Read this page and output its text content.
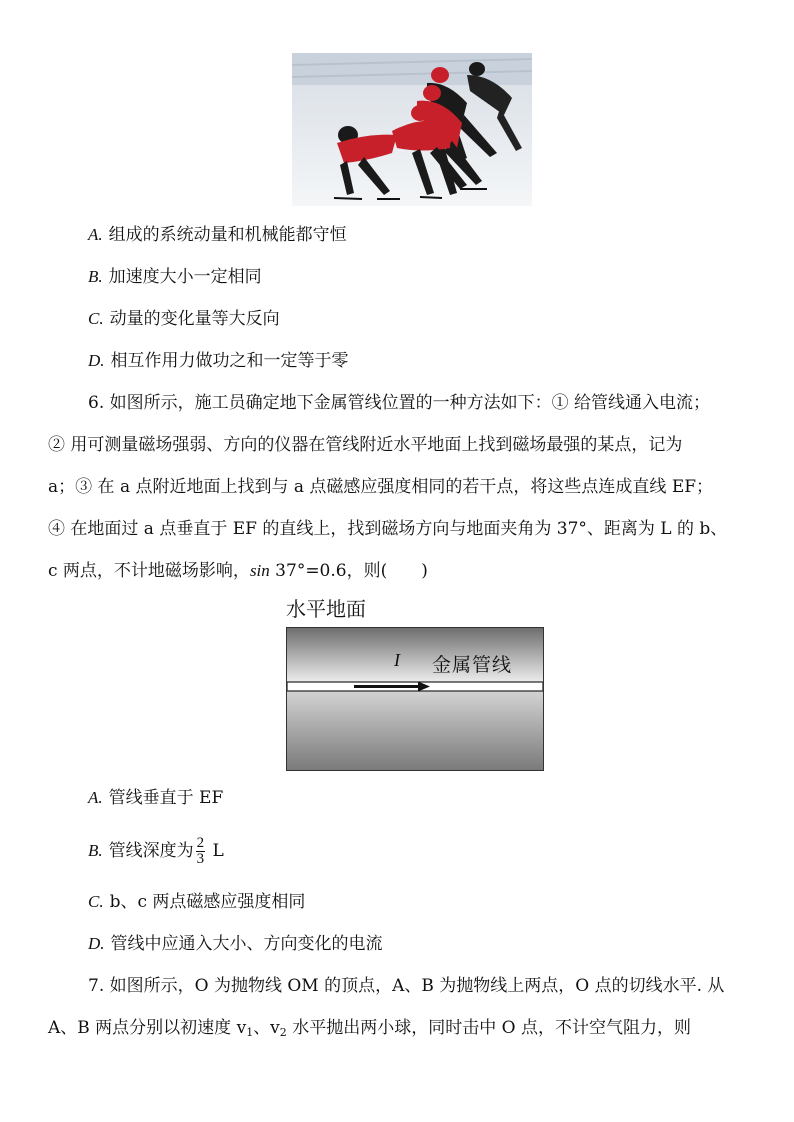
A. 组成的系统动量和机械能都守恒
B. 加速度大小一定相同
C. 动量的变化量等大反向
D. 相互作用力做功之和一定等于零
6. 如图所示，施工员确定地下金属管线位置的一种方法如下：① 给管线通入电流；
② 用可测量磁场强弱、方向的仪器在管线附近水平地面上找到磁场最强的某点，记为
a；③ 在 a 点附近地面上找到与 a 点磁感应强度相同的若干点，将这些点连成直线 EF；
④ 在地面过 a 点垂直于 EF 的直线上，找到磁场方向与地面夹角为 37°、距离为 L 的 b、
c 两点，不计地磁场影响，sin 37°=0.6，则(　　)
水平地面
I 金属管线
A. 管线垂直于 EF
B. 管线深度为 $\frac{2}{3}$ L
C. b、c 两点磁感应强度相同
D. 管线中应通入大小、方向变化的电流
7. 如图所示，O 为抛物线 OM 的顶点，A、B 为抛物线上两点，O 点的切线水平. 从
A、B 两点分别以初速度 $v_1$、$v_2$ 水平抛出两小球，同时击中 O 点，不计空气阻力，则
